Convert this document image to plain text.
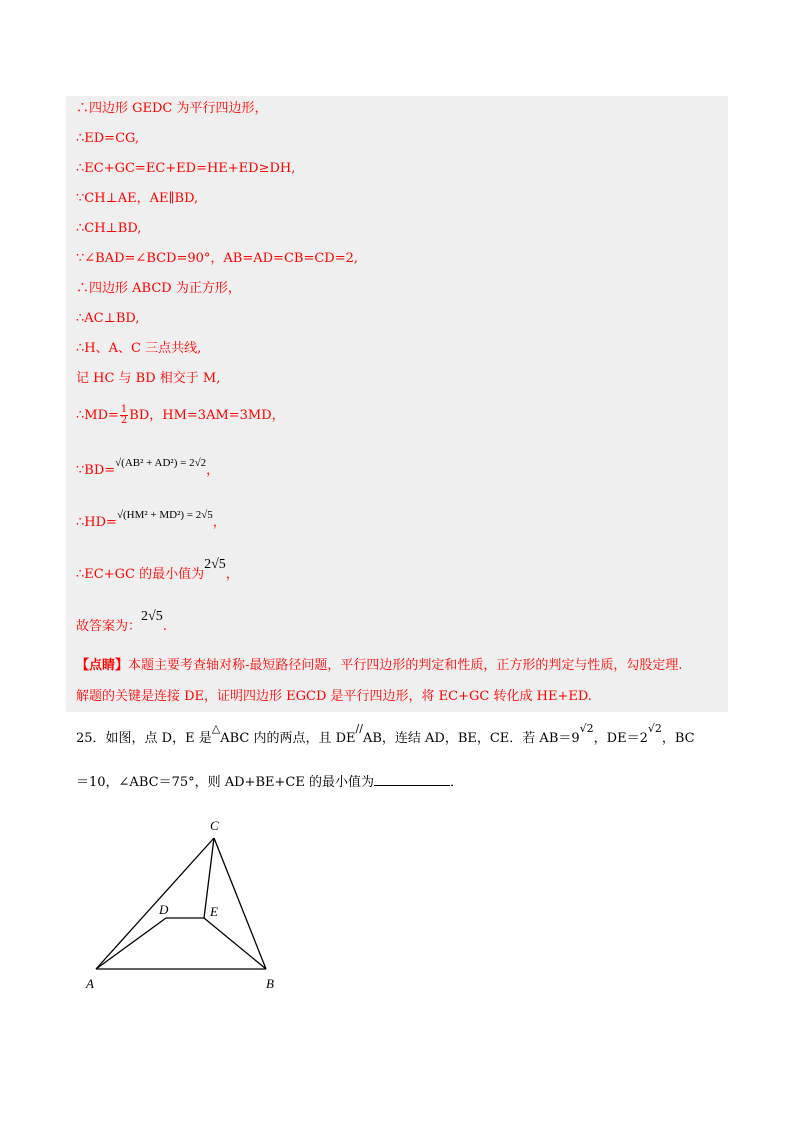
∴四边形 GEDC 为平行四边形，
∴ED=CG,
∴EC+GC=EC+ED=HE+ED≥DH,
∵CH⊥AE，AE∥BD,
∴CH⊥BD,
∵∠BAD=∠BCD=90°，AB=AD=CB=CD=2,
∴四边形 ABCD 为正方形，
∴AC⊥BD,
∴H、A、C 三点共线,
记 HC 与 BD 相交于 M,
∴MD= $\frac{1}{2}$ BD，HM=3AM=3MD，
∵BD=√(AB² + AD²) = 2√2，
∴HD=√(HM² + MD²) = 2√5，
∴EC+GC 的最小值为2√5，
故答案为：2√5.
【点睛】本题主要考查轴对称-最短路径问题，平行四边形的判定和性质，正方形的判定与性质，勾股定理.
解题的关键是连接 DE，证明四边形 EGCD 是平行四边形，将 EC+GC 转化成 HE+ED.
25．如图，点 D，E 是△ABC 内的两点，且 DE//AB，连结 AD，BE，CE．若 $AB=9^{√2}$，$DE=2^{√2}$，BC
＝10，∠ABC＝75°，则 AD+BE+CE 的最小值为	．
C
D	E
A	B
